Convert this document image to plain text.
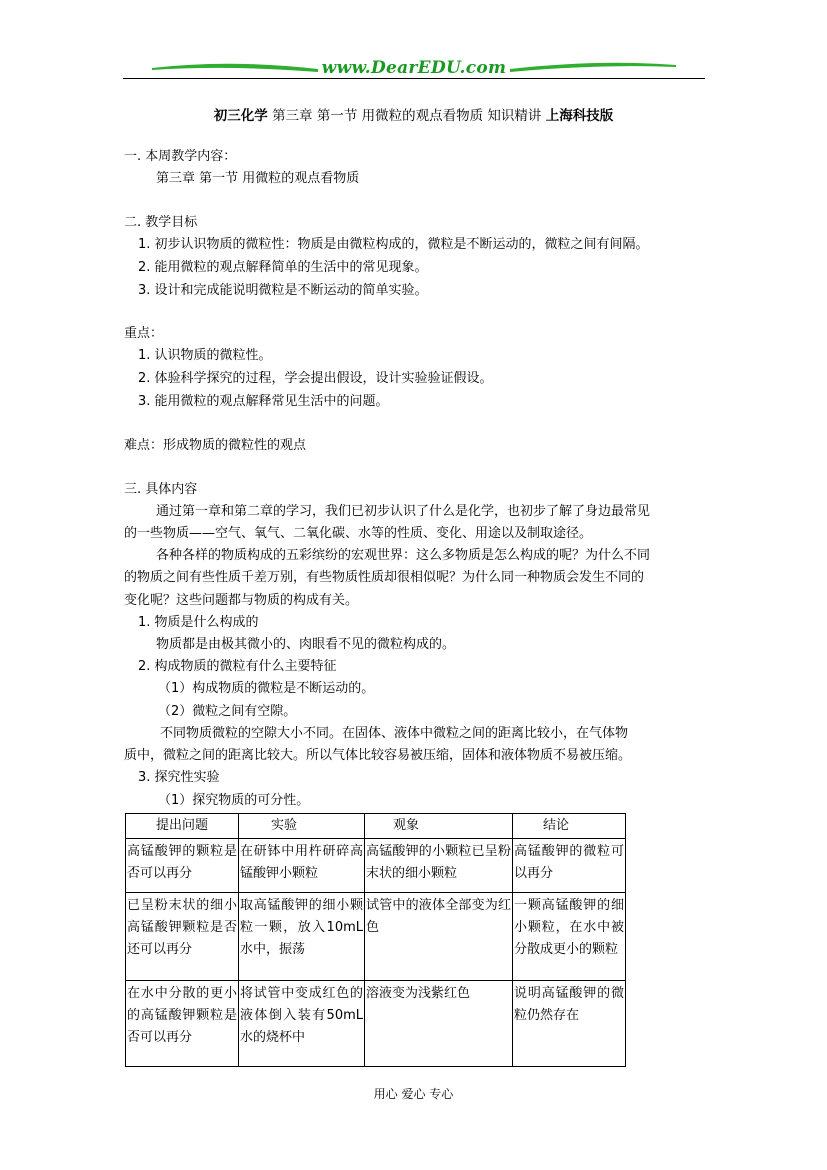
www.DearEDU.com
初三化学 第三章 第一节 用微粒的观点看物质 知识精讲 上海科技版
一. 本周教学内容：
第三章 第一节 用微粒的观点看物质
二. 教学目标
1. 初步认识物质的微粒性：物质是由微粒构成的，微粒是不断运动的，微粒之间有间隔。
2. 能用微粒的观点解释简单的生活中的常见现象。
3. 设计和完成能说明微粒是不断运动的简单实验。
重点：
1. 认识物质的微粒性。
2. 体验科学探究的过程，学会提出假设，设计实验验证假设。
3. 能用微粒的观点解释常见生活中的问题。
难点：形成物质的微粒性的观点
三. 具体内容
通过第一章和第二章的学习，我们已初步认识了什么是化学，也初步了解了身边最常见
的一些物质——空气、氧气、二氧化碳、水等的性质、变化、用途以及制取途径。
各种各样的物质构成的五彩缤纷的宏观世界：这么多物质是怎么构成的呢？为什么不同
的物质之间有些性质千差万别，有些物质性质却很相似呢？为什么同一种物质会发生不同的
变化呢？这些问题都与物质的构成有关。
1. 物质是什么构成的
物质都是由极其微小的、肉眼看不见的微粒构成的。
2. 构成物质的微粒有什么主要特征
（1）构成物质的微粒是不断运动的。
（2）微粒之间有空隙。
不同物质微粒的空隙大小不同。在固体、液体中微粒之间的距离比较小，在气体物
质中，微粒之间的距离比较大。所以气体比较容易被压缩，固体和液体物质不易被压缩。
3. 探究性实验
（1）探究物质的可分性。
提出问题	实验	观象	结论
高锰酸钾的颗粒是否可以再分	在研钵中用杵研碎高锰酸钾小颗粒	高锰酸钾的小颗粒已呈粉末状的细小颗粒	高锰酸钾的微粒可以再分
已呈粉末状的细小高锰酸钾颗粒是否还可以再分	取高锰酸钾的细小颗粒一颗，放入10mL水中，振荡	试管中的液体全部变为红色	一颗高锰酸钾的细小颗粒，在水中被分散成更小的颗粒
在水中分散的更小的高锰酸钾颗粒是否可以再分	将试管中变成红色的液体倒入装有50mL水的烧杯中	溶液变为浅紫红色	说明高锰酸钾的微粒仍然存在
用心 爱心 专心
